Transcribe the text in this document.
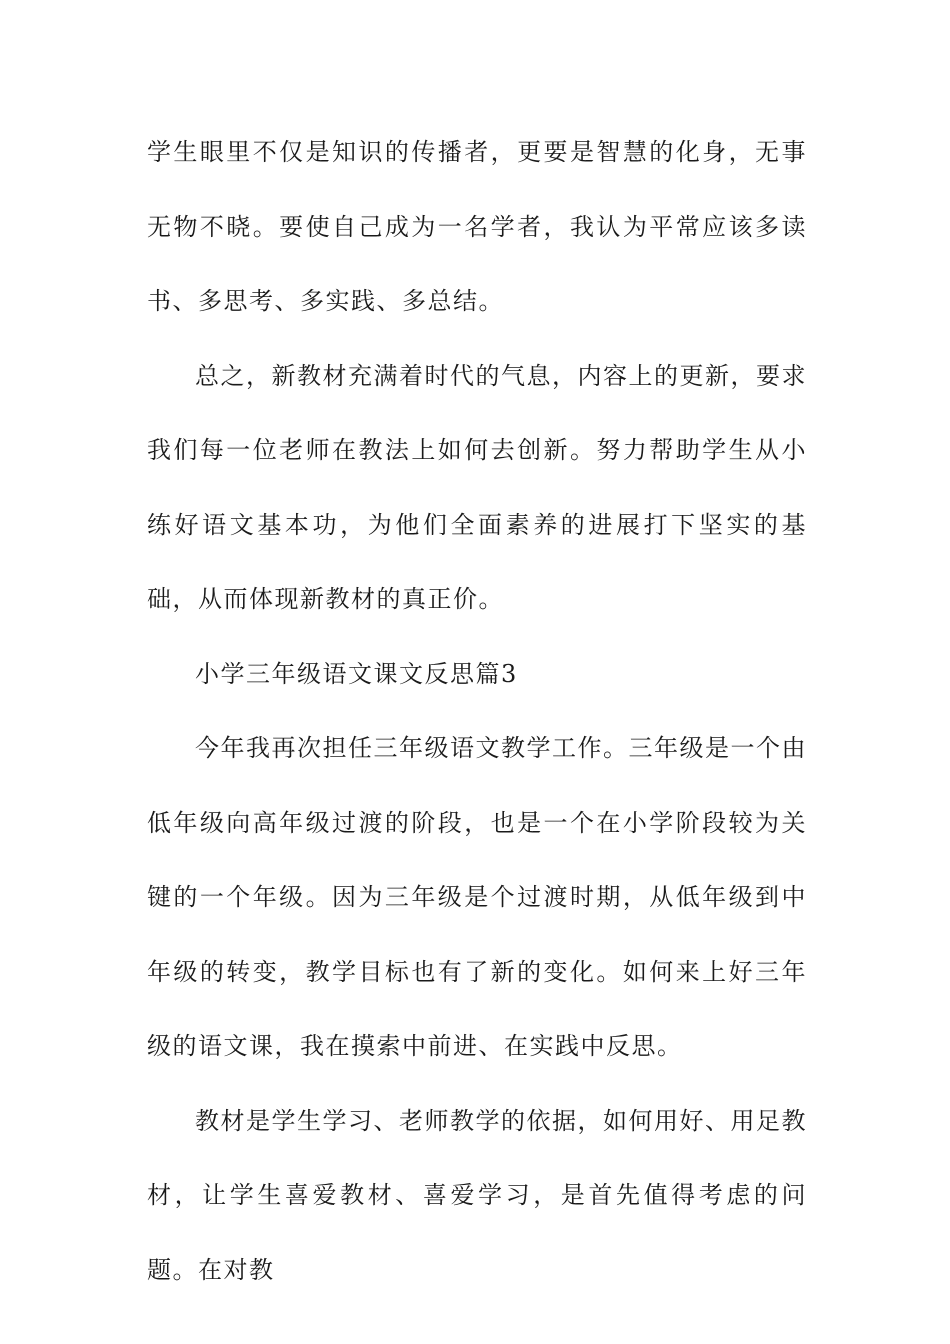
学生眼里不仅是知识的传播者，更要是智慧的化身，无事无物不晓。要使自己成为一名学者，我认为平常应该多读书、多思考、多实践、多总结。

总之，新教材充满着时代的气息，内容上的更新，要求我们每一位老师在教法上如何去创新。努力帮助学生从小练好语文基本功，为他们全面素养的进展打下坚实的基础，从而体现新教材的真正价。

小学三年级语文课文反思篇3

今年我再次担任三年级语文教学工作。三年级是一个由低年级向高年级过渡的阶段，也是一个在小学阶段较为关键的一个年级。因为三年级是个过渡时期，从低年级到中年级的转变，教学目标也有了新的变化。如何来上好三年级的语文课，我在摸索中前进、在实践中反思。

教材是学生学习、老师教学的依据，如何用好、用足教材，让学生喜爱教材、喜爱学习，是首先值得考虑的问题。在对教
